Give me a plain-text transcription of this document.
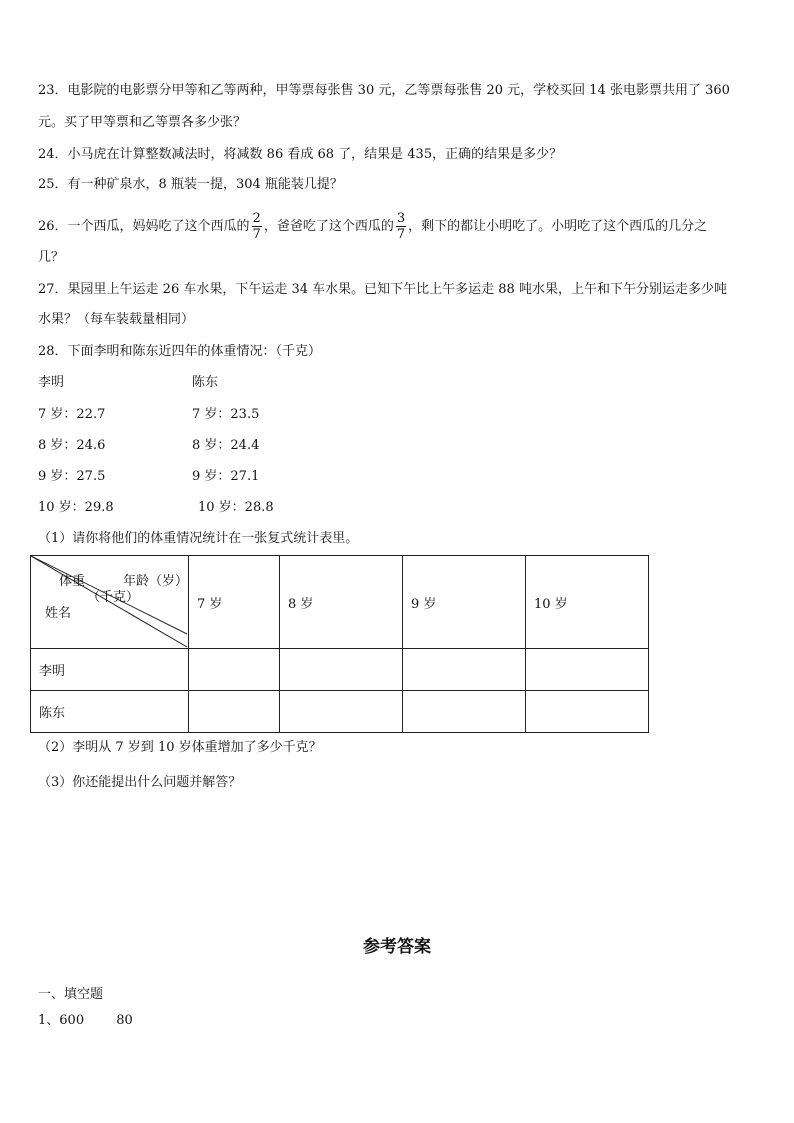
23．电影院的电影票分甲等和乙等两种，甲等票每张售 30 元，乙等票每张售 20 元，学校买回 14 张电影票共用了 360
元。买了甲等票和乙等票各多少张？
24．小马虎在计算整数减法时，将减数 86 看成 68 了，结果是 435，正确的结果是多少？
25．有一种矿泉水，8 瓶装一提，304 瓶能装几提？
26．一个西瓜，妈妈吃了这个西瓜的 $\frac{2}{7}$ ，爸爸吃了这个西瓜的 $\frac{3}{7}$ ，剩下的都让小明吃了。小明吃了这个西瓜的几分之
几？
27．果园里上午运走 26 车水果，下午运走 34 车水果。已知下午比上午多运走 88 吨水果，上午和下午分别运走多少吨
水果？（每车装载量相同）
28．下面李明和陈东近四年的体重情况：（千克）
李明	陈东
7 岁：22.7	7 岁：23.5
8 岁：24.6	8 岁：24.4
9 岁：27.5	9 岁：27.1
10 岁：29.8	10 岁：28.8
（1）请你将他们的体重情况统计在一张复式统计表里。
年龄（岁）
体重
（千克）
姓名	7 岁	8 岁	9 岁	10 岁
李明				
陈东				
（2）李明从 7 岁到 10 岁体重增加了多少千克？
（3）你还能提出什么问题并解答？
参考答案
一、填空题
1、600 80
